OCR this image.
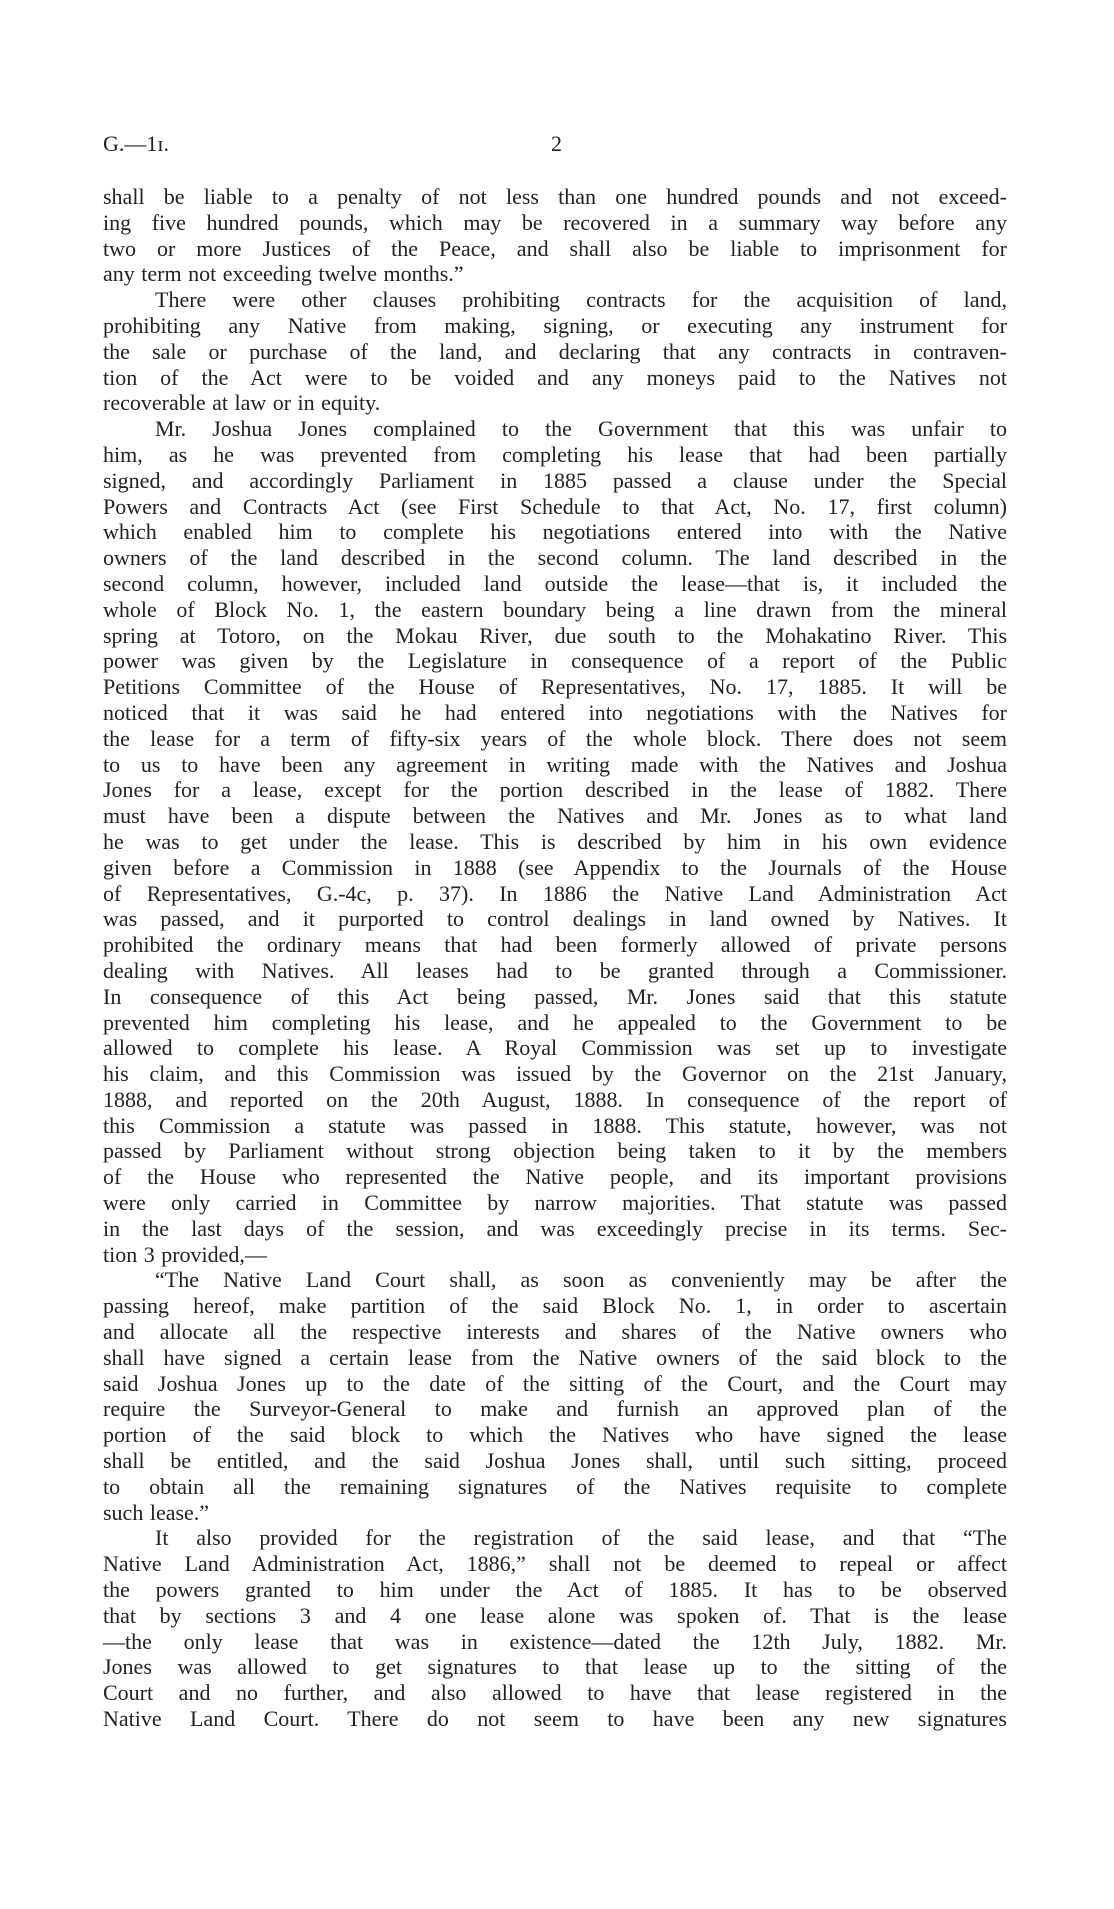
G.—1ɪ.	2
shall be liable to a penalty of not less than one hundred pounds and not exceed-
ing five hundred pounds, which may be recovered in a summary way before any
two or more Justices of the Peace, and shall also be liable to imprisonment for
any term not exceeding twelve months.”
There were other clauses prohibiting contracts for the acquisition of land,
prohibiting any Native from making, signing, or executing any instrument for
the sale or purchase of the land, and declaring that any contracts in contraven-
tion of the Act were to be voided and any moneys paid to the Natives not
recoverable at law or in equity.
Mr. Joshua Jones complained to the Government that this was unfair to
him, as he was prevented from completing his lease that had been partially
signed, and accordingly Parliament in 1885 passed a clause under the Special
Powers and Contracts Act (see First Schedule to that Act, No. 17, first column)
which enabled him to complete his negotiations entered into with the Native
owners of the land described in the second column. The land described in the
second column, however, included land outside the lease—that is, it included the
whole of Block No. 1, the eastern boundary being a line drawn from the mineral
spring at Totoro, on the Mokau River, due south to the Mohakatino River. This
power was given by the Legislature in consequence of a report of the Public
Petitions Committee of the House of Representatives, No. 17, 1885. It will be
noticed that it was said he had entered into negotiations with the Natives for
the lease for a term of fifty-six years of the whole block. There does not seem
to us to have been any agreement in writing made with the Natives and Joshua
Jones for a lease, except for the portion described in the lease of 1882. There
must have been a dispute between the Natives and Mr. Jones as to what land
he was to get under the lease. This is described by him in his own evidence
given before a Commission in 1888 (see Appendix to the Journals of the House
of Representatives, G.-4c, p. 37). In 1886 the Native Land Administration Act
was passed, and it purported to control dealings in land owned by Natives. It
prohibited the ordinary means that had been formerly allowed of private persons
dealing with Natives. All leases had to be granted through a Commissioner.
In consequence of this Act being passed, Mr. Jones said that this statute
prevented him completing his lease, and he appealed to the Government to be
allowed to complete his lease. A Royal Commission was set up to investigate
his claim, and this Commission was issued by the Governor on the 21st January,
1888, and reported on the 20th August, 1888. In consequence of the report of
this Commission a statute was passed in 1888. This statute, however, was not
passed by Parliament without strong objection being taken to it by the members
of the House who represented the Native people, and its important provisions
were only carried in Committee by narrow majorities. That statute was passed
in the last days of the session, and was exceedingly precise in its terms. Sec-
tion 3 provided,—
“The Native Land Court shall, as soon as conveniently may be after the
passing hereof, make partition of the said Block No. 1, in order to ascertain
and allocate all the respective interests and shares of the Native owners who
shall have signed a certain lease from the Native owners of the said block to the
said Joshua Jones up to the date of the sitting of the Court, and the Court may
require the Surveyor-General to make and furnish an approved plan of the
portion of the said block to which the Natives who have signed the lease
shall be entitled, and the said Joshua Jones shall, until such sitting, proceed
to obtain all the remaining signatures of the Natives requisite to complete
such lease.”
It also provided for the registration of the said lease, and that “The
Native Land Administration Act, 1886,” shall not be deemed to repeal or affect
the powers granted to him under the Act of 1885. It has to be observed
that by sections 3 and 4 one lease alone was spoken of. That is the lease
—the only lease that was in existence—dated the 12th July, 1882. Mr.
Jones was allowed to get signatures to that lease up to the sitting of the
Court and no further, and also allowed to have that lease registered in the
Native Land Court. There do not seem to have been any new signatures
